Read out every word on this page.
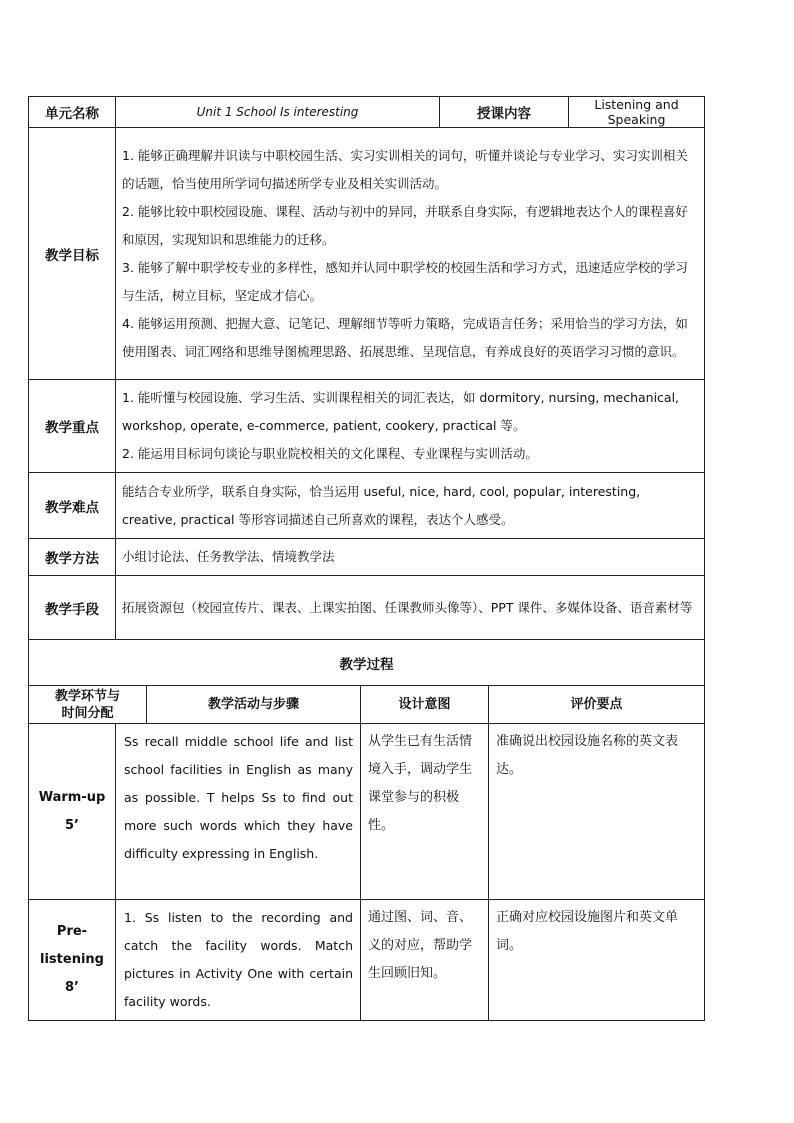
单元名称	Unit 1 School Is interesting			授课内容		Listening and Speaking
教学目标	1. 能够正确理解并识读与中职校园生活、实习实训相关的词句，听懂并谈论与专业学习、实习实训相关的话题，恰当使用所学词句描述所学专业及相关实训活动。

2. 能够比较中职校园设施、课程、活动与初中的异同，并联系自身实际，有逻辑地表达个人的课程喜好和原因，实现知识和思维能力的迁移。

3. 能够了解中职学校专业的多样性，感知并认同中职学校的校园生活和学习方式，迅速适应学校的学习与生活，树立目标，坚定成才信心。

4. 能够运用预测、把握大意、记笔记、理解细节等听力策略，完成语言任务；采用恰当的学习方法，如使用图表、词汇网络和思维导图梳理思路、拓展思维、呈现信息，有养成良好的英语学习习惯的意识。					

教学重点	1. 能听懂与校园设施、学习生活、实训课程相关的词汇表达，如 dormitory, nursing, mechanical, workshop, operate, e-commerce, patient, cookery, practical 等。

2. 能运用目标词句谈论与职业院校相关的文化课程、专业课程与实训活动。					

教学难点	能结合专业所学，联系自身实际，恰当运用 useful, nice, hard, cool, popular, interesting, creative, practical 等形容词描述自己所喜欢的课程，表达个人感受。					
教学方法	小组讨论法、任务教学法、情境教学法					
教学手段	拓展资源包（校园宣传片、课表、上课实拍图、任课教师头像等）、PPT 课件、多媒体设备、语音素材等					
教学过程						
教学环节与
时间分配		教学活动与步骤	设计意图		评价要点	

Warm-up

5’	Ss recall middle school life and list school facilities in English as many as possible. T helps Ss to find out more such words which they have difficulty expressing in English.		从学生已有生活情境入手，调动学生课堂参与的积极性。		准确说出校园设施名称的英文表达。	

Pre-listening

8’	1. Ss listen to the recording and catch the facility words. Match pictures in Activity One with certain facility words.		通过图、词、音、义的对应，帮助学生回顾旧知。		正确对应校园设施图片和英文单词。	
